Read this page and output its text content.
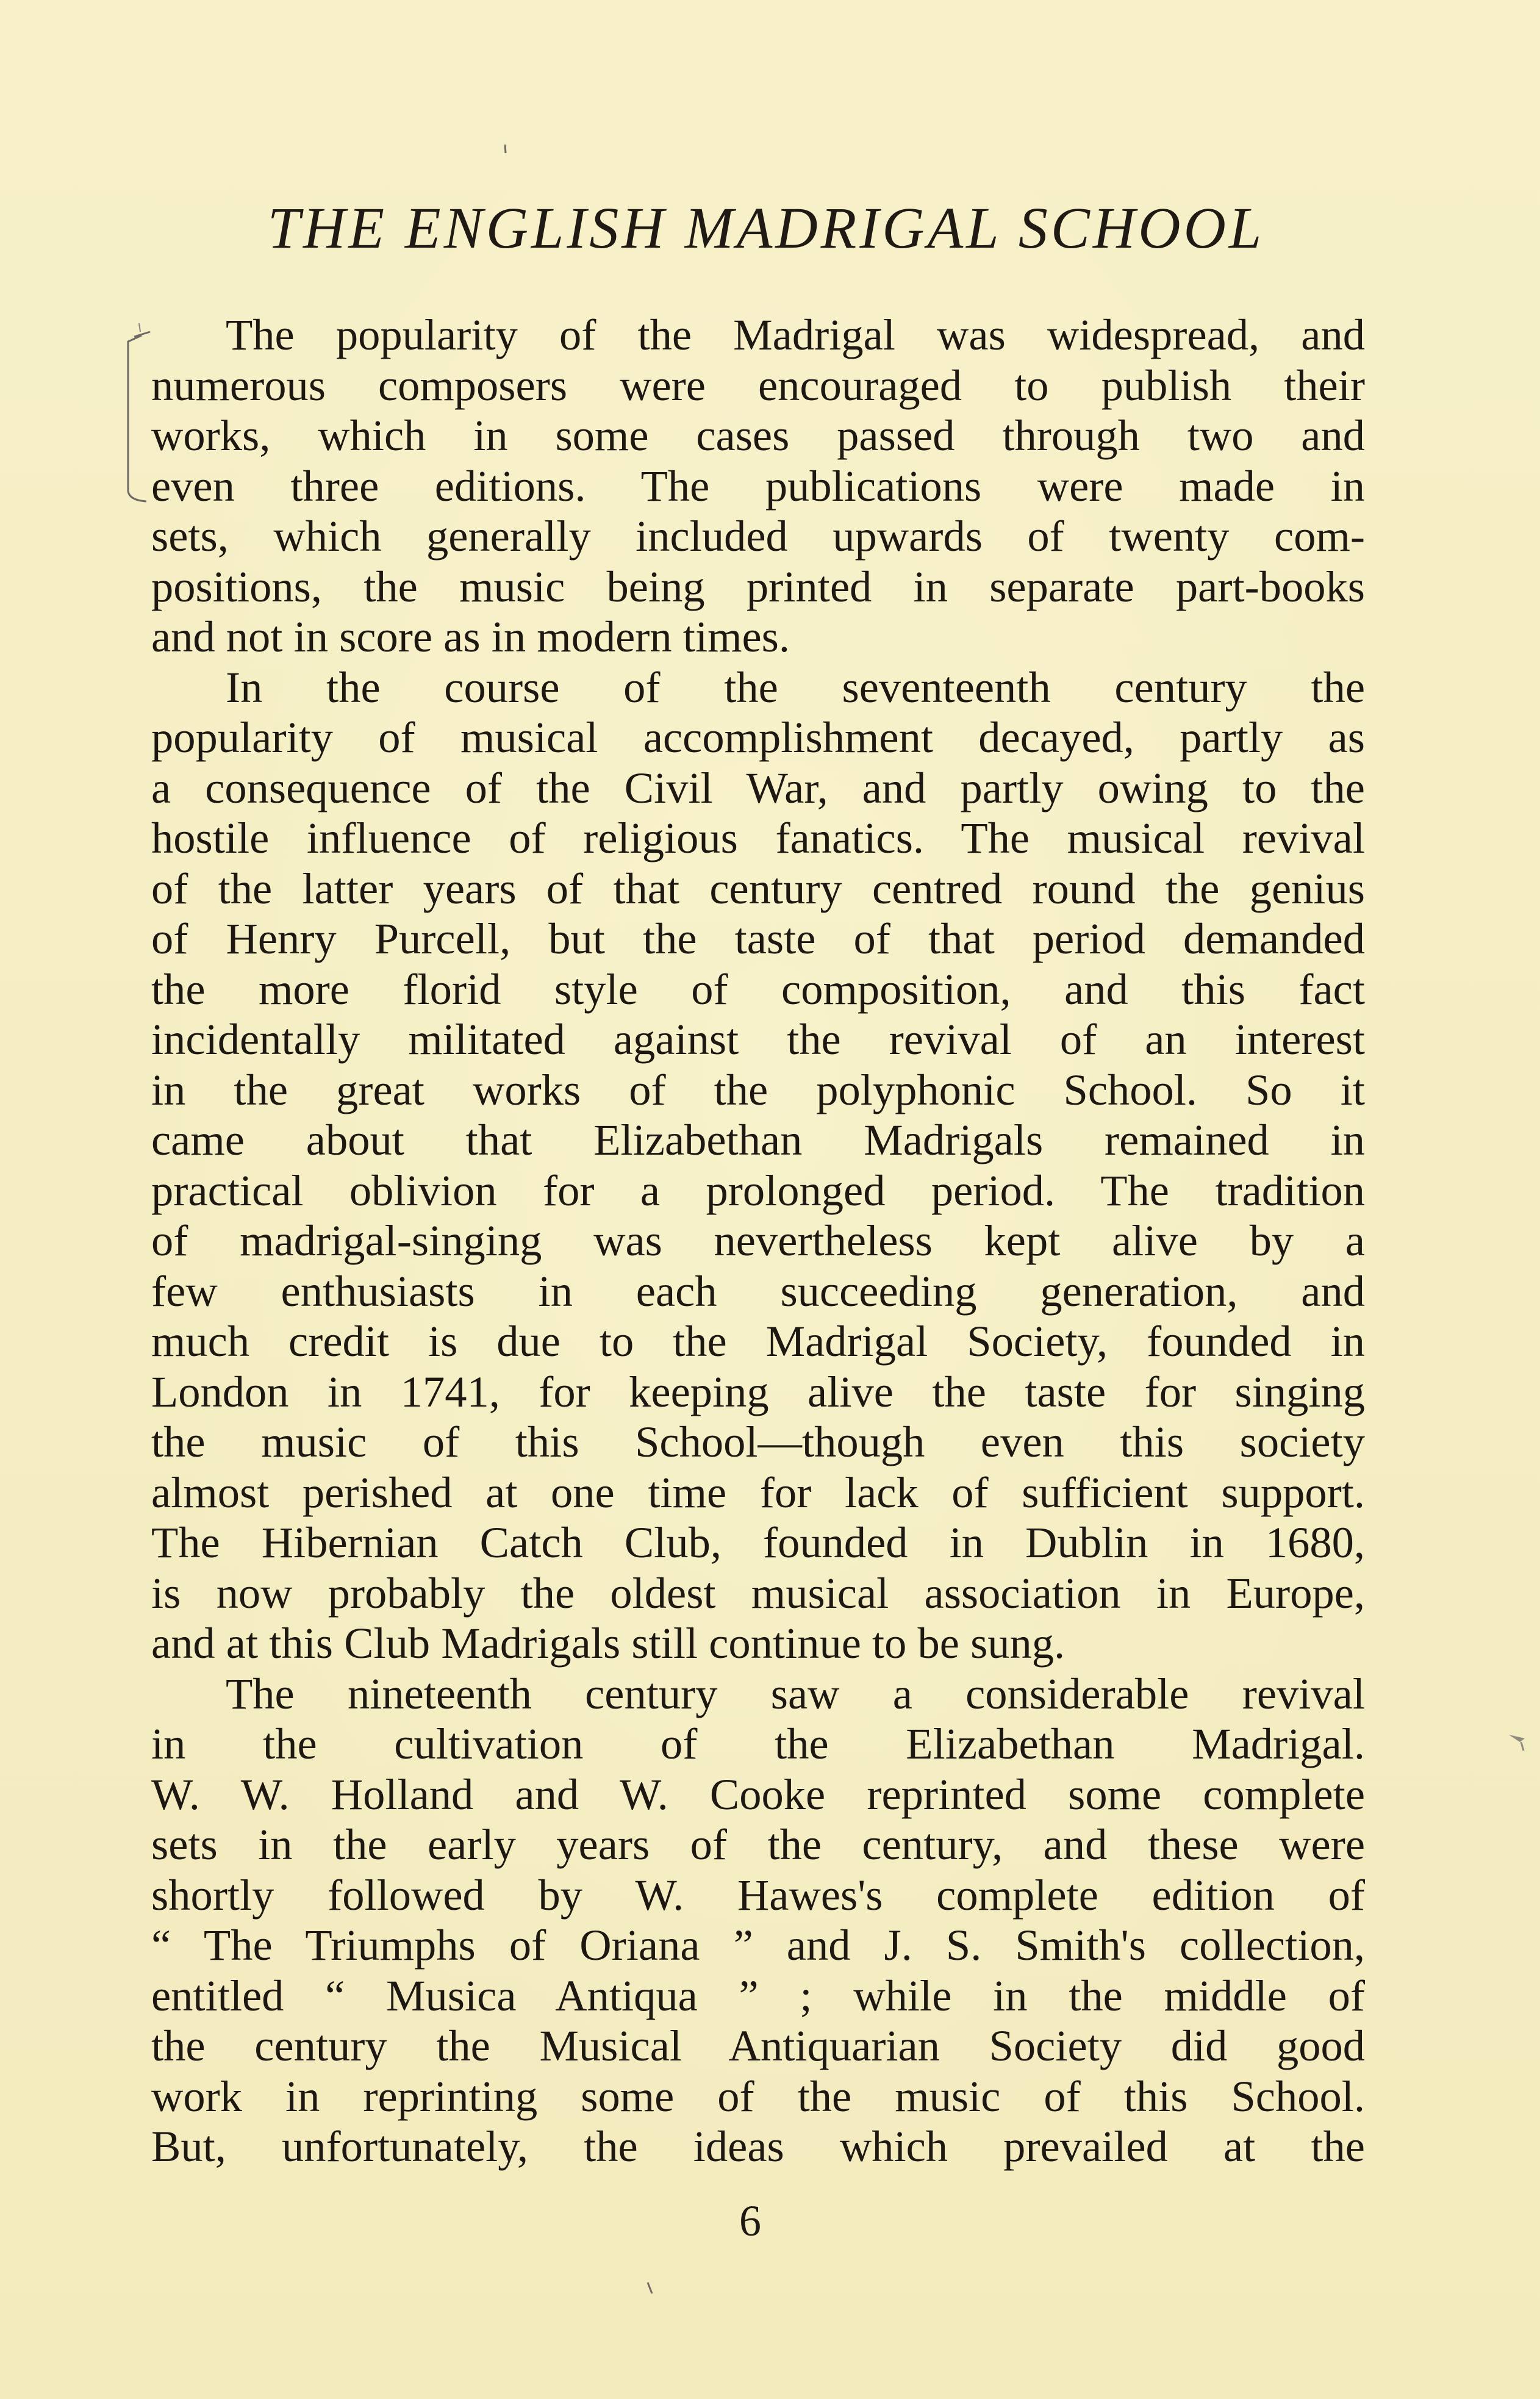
THE ENGLISH MADRIGAL SCHOOL
The popularity of the Madrigal was widespread, and
numerous composers were encouraged to publish their
works, which in some cases passed through two and
even three editions. The publications were made in
sets, which generally included upwards of twenty com-
positions, the music being printed in separate part-books
and not in score as in modern times.
In the course of the seventeenth century the
popularity of musical accomplishment decayed, partly as
a consequence of the Civil War, and partly owing to the
hostile influence of religious fanatics. The musical revival
of the latter years of that century centred round the genius
of Henry Purcell, but the taste of that period demanded
the more florid style of composition, and this fact
incidentally militated against the revival of an interest
in the great works of the polyphonic School. So it
came about that Elizabethan Madrigals remained in
practical oblivion for a prolonged period. The tradition
of madrigal-singing was nevertheless kept alive by a
few enthusiasts in each succeeding generation, and
much credit is due to the Madrigal Society, founded in
London in 1741, for keeping alive the taste for singing
the music of this School—though even this society
almost perished at one time for lack of sufficient support.
The Hibernian Catch Club, founded in Dublin in 1680,
is now probably the oldest musical association in Europe,
and at this Club Madrigals still continue to be sung.
The nineteenth century saw a considerable revival
in the cultivation of the Elizabethan Madrigal.
W. W. Holland and W. Cooke reprinted some complete
sets in the early years of the century, and these were
shortly followed by W. Hawes's complete edition of
“ The Triumphs of Oriana ” and J. S. Smith's collection,
entitled “ Musica Antiqua ” ; while in the middle of
the century the Musical Antiquarian Society did good
work in reprinting some of the music of this School.
But, unfortunately, the ideas which prevailed at the
6
